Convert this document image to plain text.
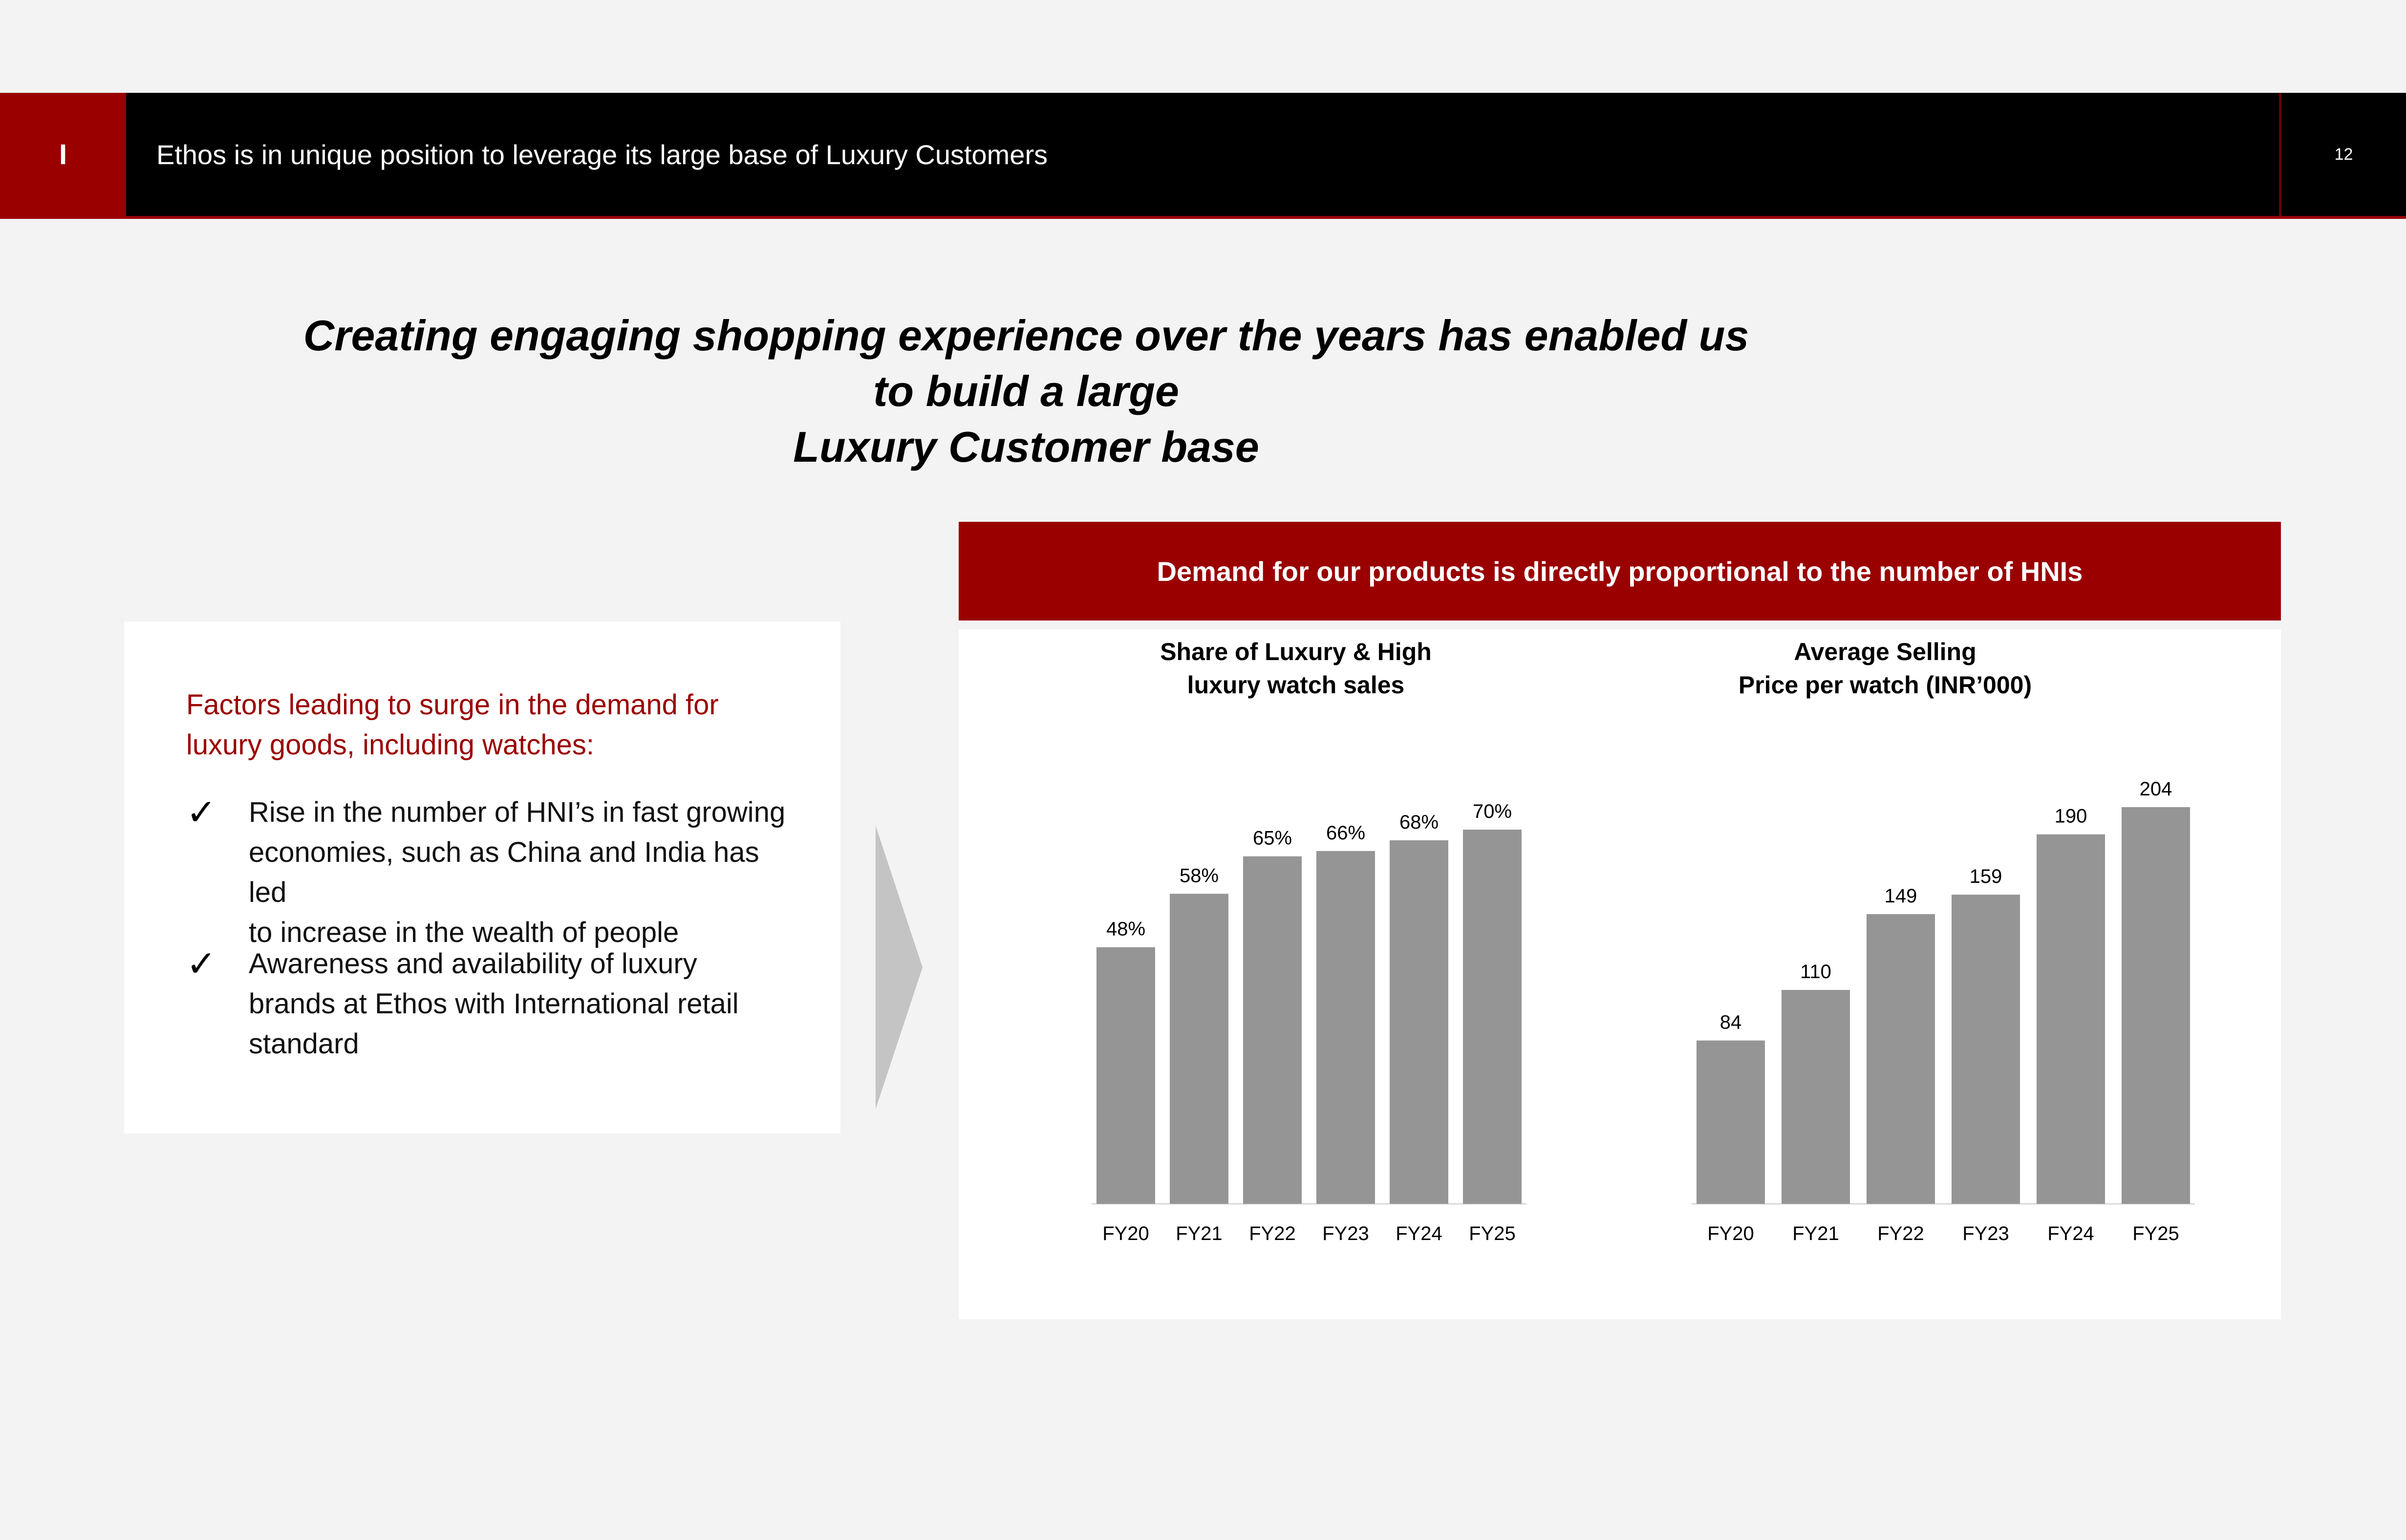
I	Ethos is in unique position to leverage its large base of Luxury Customers	12
Creating engaging shopping experience over the years has enabled us to build a large
Luxury Customer base
Factors leading to surge in the demand for
luxury goods, including watches:
✓ Rise in the number of HNI’s in fast growing
economies, such as China and India has led
to increase in the wealth of people
✓ Awareness and availability of luxury
brands at Ethos with International retail
standard
Demand for our products is directly proportional to the number of HNIs
Share of Luxury & High
luxury watch sales
Average Selling
Price per watch (INR’000)
48%
FY20
58%
FY21
65%
FY22
66%
FY23
68%
FY24
70%
FY25
84
FY20
110
FY21
149
FY22
159
FY23
190
FY24
204
FY25
